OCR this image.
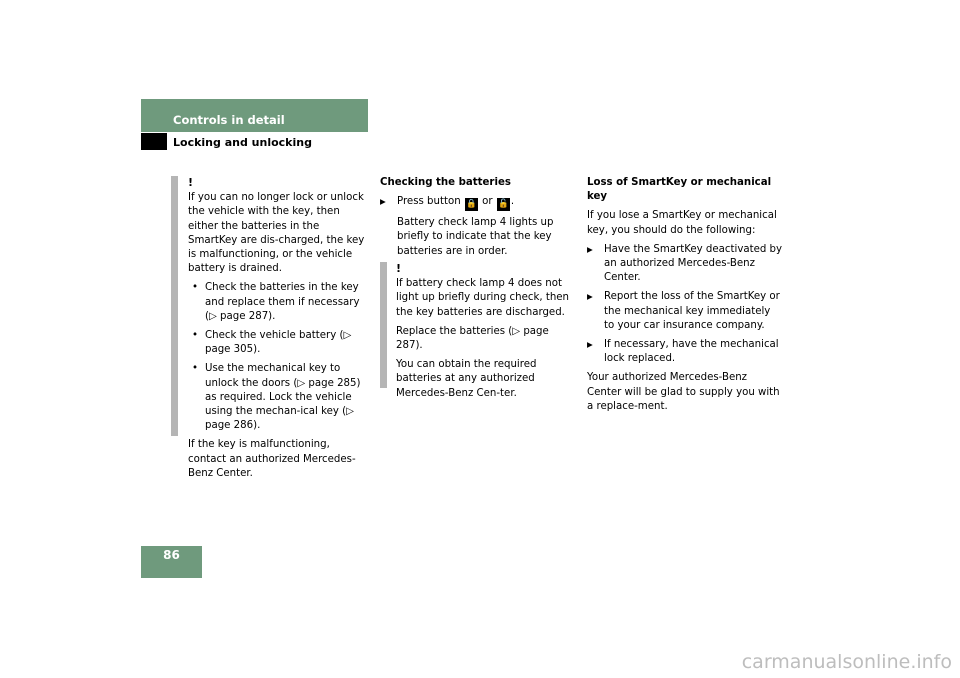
Controls in detail
Locking and unlocking

!

If you can no longer lock or unlock the vehicle with the key, then either the batteries in the SmartKey are dis-charged, the key is malfunctioning, or the vehicle battery is drained.

• Check the batteries in the key and replace them if necessary (▷ page 287).
• Check the vehicle battery (▷ page 305).
• Use the mechanical key to unlock the doors (▷ page 285) as required. Lock the vehicle using the mechan-ical key (▷ page 286).

If the key is malfunctioning, contact an authorized Mercedes-Benz Center.

Checking the batteries

▶ Press button 🔒 or 🔓 .
Battery check lamp 4 lights up briefly to indicate that the key batteries are in order.

!

If battery check lamp 4 does not light up briefly during check, then the key batteries are discharged.

Replace the batteries (▷ page 287).

You can obtain the required batteries at any authorized Mercedes-Benz Cen-ter.

Loss of SmartKey or mechanical key

If you lose a SmartKey or mechanical key, you should do the following:

▶ Have the SmartKey deactivated by an authorized Mercedes-Benz Center.
▶ Report the loss of the SmartKey or the mechanical key immediately to your car insurance company.
▶ If necessary, have the mechanical lock replaced.

Your authorized Mercedes-Benz Center will be glad to supply you with a replace-ment.

86
carmanualsonline.info
